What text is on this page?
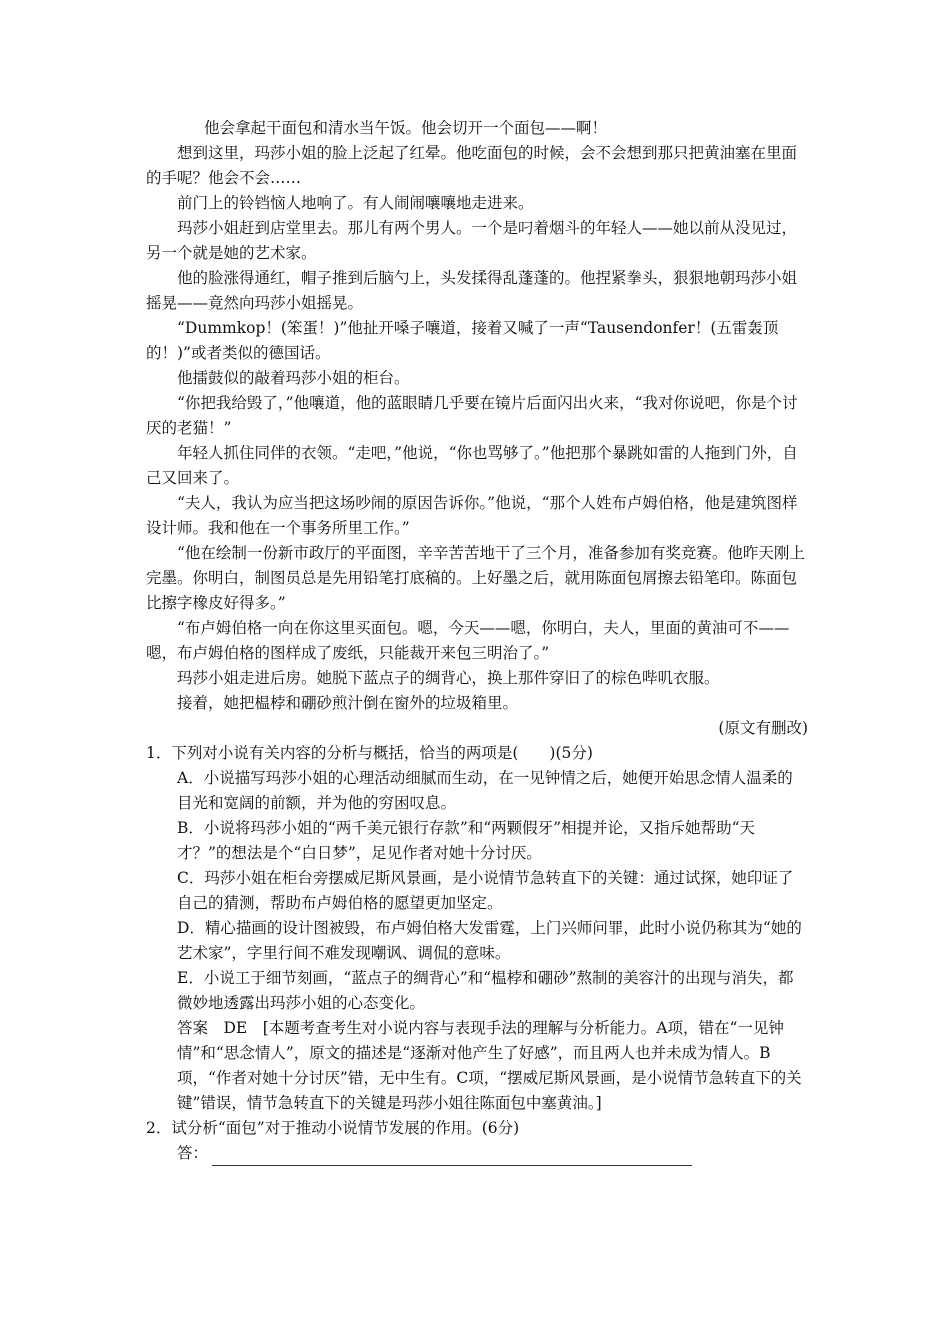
他会拿起干面包和清水当午饭。他会切开一个面包——啊！

想到这里，玛莎小姐的脸上泛起了红晕。他吃面包的时候，会不会想到那只把黄油塞在里面的手呢？他会不会……

前门上的铃铛恼人地响了。有人闹闹嚷嚷地走进来。

玛莎小姐赶到店堂里去。那儿有两个男人。一个是叼着烟斗的年轻人——她以前从没见过，另一个就是她的艺术家。

他的脸涨得通红，帽子推到后脑勺上，头发揉得乱蓬蓬的。他捏紧拳头，狠狠地朝玛莎小姐摇晃——竟然向玛莎小姐摇晃。

“Dummkop！(笨蛋！)”他扯开嗓子嚷道，接着又喊了一声“Tausendonfer！(五雷轰顶的！)”或者类似的德国话。

他擂鼓似的敲着玛莎小姐的柜台。

“你把我给毁了，”他嚷道，他的蓝眼睛几乎要在镜片后面闪出火来，“我对你说吧，你是个讨厌的老猫！”

年轻人抓住同伴的衣领。“走吧，”他说，“你也骂够了。”他把那个暴跳如雷的人拖到门外，自己又回来了。

“夫人，我认为应当把这场吵闹的原因告诉你。”他说，“那个人姓布卢姆伯格，他是建筑图样设计师。我和他在一个事务所里工作。”

“他在绘制一份新市政厅的平面图，辛辛苦苦地干了三个月，准备参加有奖竞赛。他昨天刚上完墨。你明白，制图员总是先用铅笔打底稿的。上好墨之后，就用陈面包屑擦去铅笔印。陈面包比擦字橡皮好得多。”

“布卢姆伯格一向在你这里买面包。嗯，今天——嗯，你明白，夫人，里面的黄油可不——嗯，布卢姆伯格的图样成了废纸，只能裁开来包三明治了。”

玛莎小姐走进后房。她脱下蓝点子的绸背心，换上那件穿旧了的棕色哔叽衣服。

接着，她把榅桲和硼砂煎汁倒在窗外的垃圾箱里。

(原文有删改)

1．下列对小说有关内容的分析与概括，恰当的两项是(　　)(5分)

A．小说描写玛莎小姐的心理活动细腻而生动，在一见钟情之后，她便开始思念情人温柔的目光和宽阔的前额，并为他的穷困叹息。

B．小说将玛莎小姐的“两千美元银行存款”和“两颗假牙”相提并论，又指斥她帮助“天才？”的想法是个“白日梦”，足见作者对她十分讨厌。

C．玛莎小姐在柜台旁摆威尼斯风景画，是小说情节急转直下的关键：通过试探，她印证了自己的猜测，帮助布卢姆伯格的愿望更加坚定。

D．精心描画的设计图被毁，布卢姆伯格大发雷霆，上门兴师问罪，此时小说仍称其为“她的艺术家”，字里行间不难发现嘲讽、调侃的意味。

E．小说工于细节刻画，“蓝点子的绸背心”和“榅桲和硼砂”熬制的美容汁的出现与消失，都微妙地透露出玛莎小姐的心态变化。

答案　DE　[本题考查考生对小说内容与表现手法的理解与分析能力。A项，错在“一见钟情”和“思念情人”，原文的描述是“逐渐对他产生了好感”，而且两人也并未成为情人。B项，“作者对她十分讨厌”错，无中生有。C项，“摆威尼斯风景画，是小说情节急转直下的关键”错误，情节急转直下的关键是玛莎小姐往陈面包中塞黄油。]

2．试分析“面包”对于推动小说情节发展的作用。(6分)

答：
